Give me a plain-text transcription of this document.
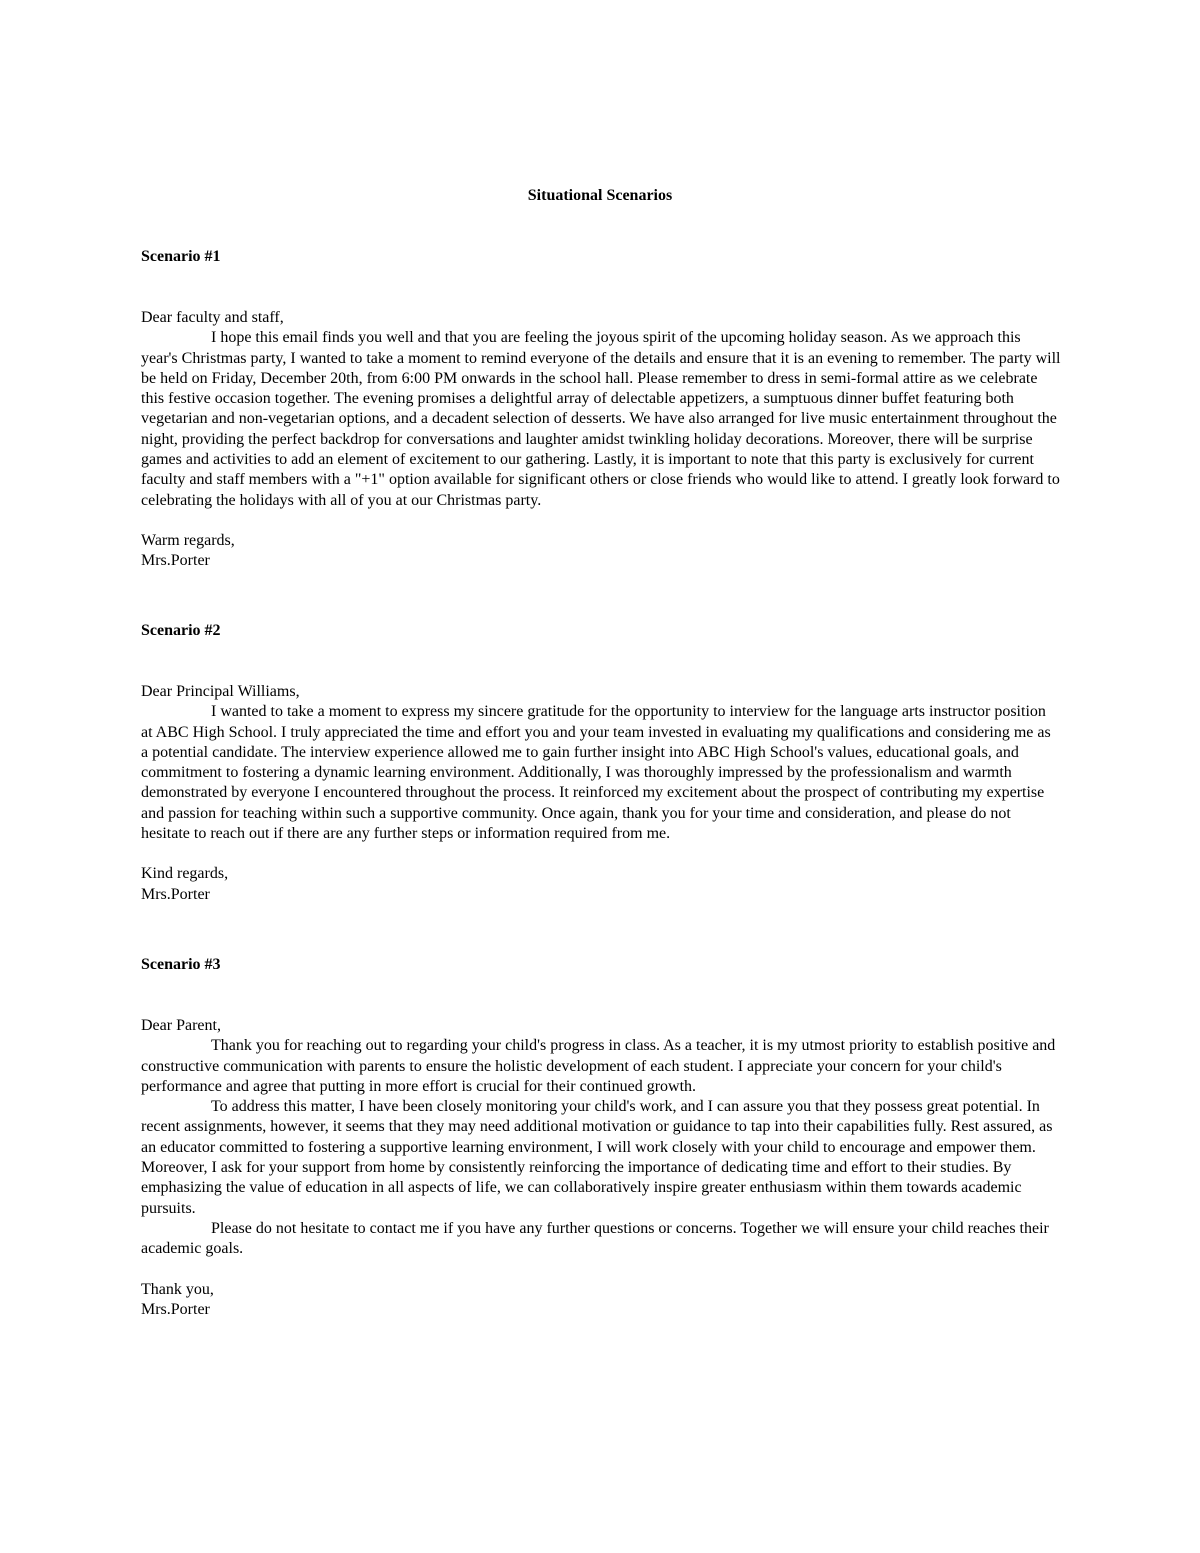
Situational Scenarios
Scenario #1

Dear faculty and staff,

I hope this email finds you well and that you are feeling the joyous spirit of the upcoming holiday season. As we approach this year's Christmas party, I wanted to take a moment to remind everyone of the details and ensure that it is an evening to remember. The party will be held on Friday, December 20th, from 6:00 PM onwards in the school hall. Please remember to dress in semi-formal attire as we celebrate this festive occasion together. The evening promises a delightful array of delectable appetizers, a sumptuous dinner buffet featuring both vegetarian and non-vegetarian options, and a decadent selection of desserts. We have also arranged for live music entertainment throughout the night, providing the perfect backdrop for conversations and laughter amidst twinkling holiday decorations. Moreover, there will be surprise games and activities to add an element of excitement to our gathering. Lastly, it is important to note that this party is exclusively for current faculty and staff members with a "+1" option available for significant others or close friends who would like to attend. I greatly look forward to celebrating the holidays with all of you at our Christmas party.

Warm regards,

Mrs.Porter

Scenario #2

Dear Principal Williams,

I wanted to take a moment to express my sincere gratitude for the opportunity to interview for the language arts instructor position at ABC High School. I truly appreciated the time and effort you and your team invested in evaluating my qualifications and considering me as a potential candidate. The interview experience allowed me to gain further insight into ABC High School's values, educational goals, and commitment to fostering a dynamic learning environment. Additionally, I was thoroughly impressed by the professionalism and warmth demonstrated by everyone I encountered throughout the process. It reinforced my excitement about the prospect of contributing my expertise and passion for teaching within such a supportive community. Once again, thank you for your time and consideration, and please do not hesitate to reach out if there are any further steps or information required from me.

Kind regards,

Mrs.Porter

Scenario #3

Dear Parent,

Thank you for reaching out to regarding your child's progress in class. As a teacher, it is my utmost priority to establish positive and constructive communication with parents to ensure the holistic development of each student. I appreciate your concern for your child's performance and agree that putting in more effort is crucial for their continued growth.

To address this matter, I have been closely monitoring your child's work, and I can assure you that they possess great potential. In recent assignments, however, it seems that they may need additional motivation or guidance to tap into their capabilities fully. Rest assured, as an educator committed to fostering a supportive learning environment, I will work closely with your child to encourage and empower them.

Moreover, I ask for your support from home by consistently reinforcing the importance of dedicating time and effort to their studies. By emphasizing the value of education in all aspects of life, we can collaboratively inspire greater enthusiasm within them towards academic pursuits.

Please do not hesitate to contact me if you have any further questions or concerns. Together we will ensure your child reaches their academic goals.

Thank you,

Mrs.Porter
